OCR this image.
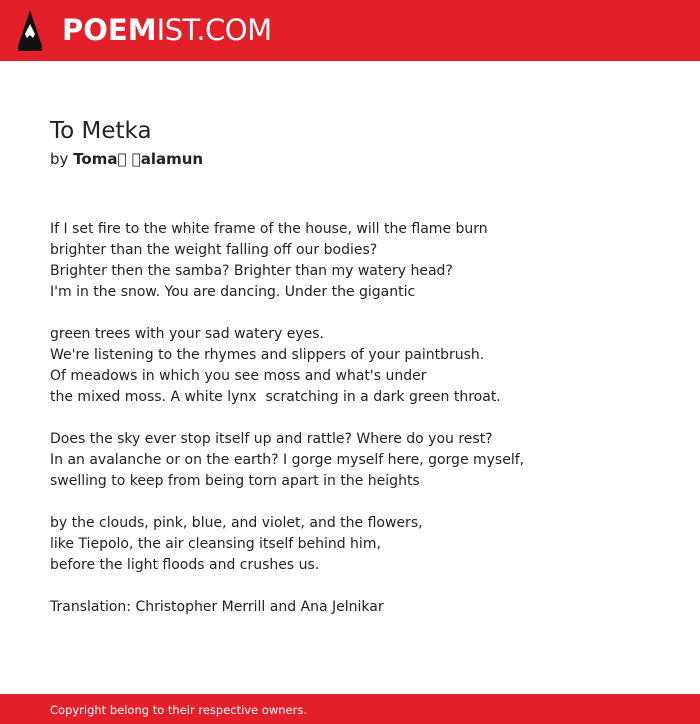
POEMIST.COM
To Metka
by Toma   alamun
If I set fire to the white frame of the house, will the flame burn
brighter than the weight falling off our bodies?
Brighter then the samba? Brighter than my watery head?
I'm in the snow. You are dancing. Under the gigantic
green trees with your sad watery eyes.
We're listening to the rhymes and slippers of your paintbrush.
Of meadows in which you see moss and what's under
the mixed moss. A white lynx  scratching in a dark green throat.
Does the sky ever stop itself up and rattle? Where do you rest?
In an avalanche or on the earth? I gorge myself here, gorge myself,
swelling to keep from being torn apart in the heights
by the clouds, pink, blue, and violet, and the flowers,
like Tiepolo, the air cleansing itself behind him,
before the light floods and crushes us.
Translation: Christopher Merrill and Ana Jelnikar
Copyright belong to their respective owners.
